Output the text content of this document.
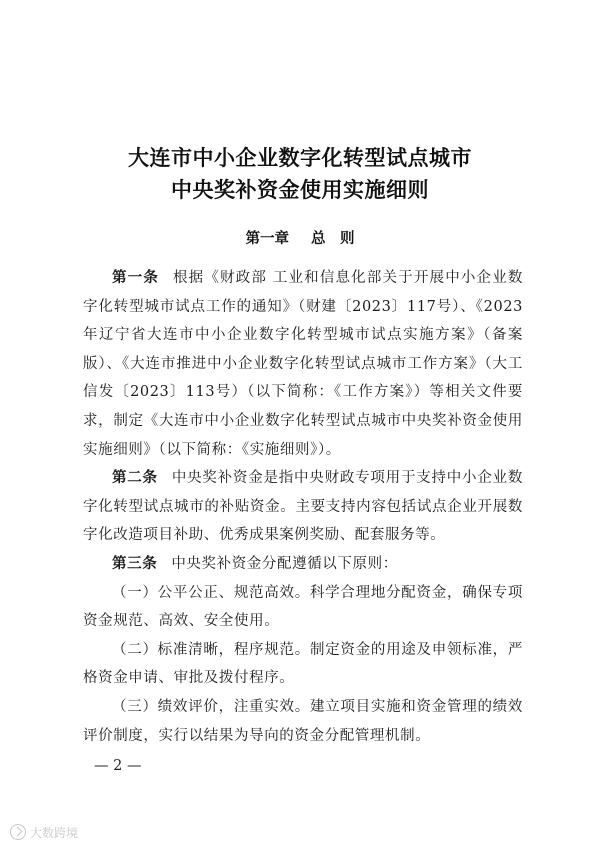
大连市中小企业数字化转型试点城市
中央奖补资金使用实施细则
第一章 总　则

第一条 根据《财政部 工业和信息化部关于开展中小企业数字化转型城市试点工作的通知》（财建〔2023〕117号）、《2023年辽宁省大连市中小企业数字化转型城市试点实施方案》（备案版）、《大连市推进中小企业数字化转型试点城市工作方案》（大工信发〔2023〕113号）（以下简称：《工作方案》）等相关文件要求，制定《大连市中小企业数字化转型试点城市中央奖补资金使用实施细则》（以下简称：《实施细则》）。

第二条 中央奖补资金是指中央财政专项用于支持中小企业数字化转型试点城市的补贴资金。主要支持内容包括试点企业开展数字化改造项目补助、优秀成果案例奖励、配套服务等。

第三条 中央奖补资金分配遵循以下原则：

（一）公平公正、规范高效。科学合理地分配资金，确保专项资金规范、高效、安全使用。

（二）标准清晰，程序规范。制定资金的用途及申领标准，严格资金申请、审批及拨付程序。

（三）绩效评价，注重实效。建立项目实施和资金管理的绩效评价制度，实行以结果为导向的资金分配管理机制。

— 2 —
大数跨境
